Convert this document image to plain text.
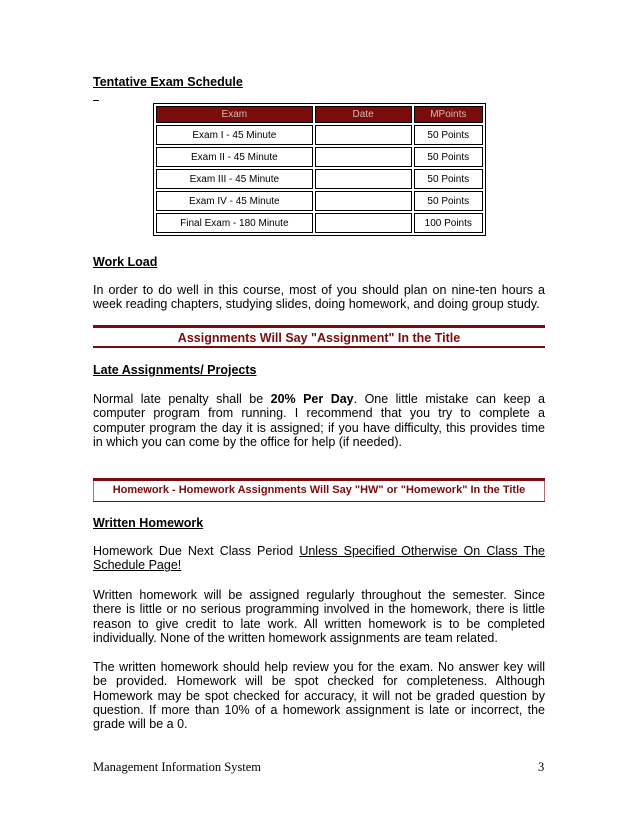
Tentative Exam Schedule
Exam	Date	MPoints
Exam I - 45 Minute		50 Points
Exam II - 45 Minute		50 Points
Exam III - 45 Minute		50 Points
Exam IV - 45 Minute		50 Points
Final Exam - 180 Minute		100 Points
Work Load
In order to do well in this course, most of you should plan on nine-ten hours a week reading chapters, studying slides, doing homework, and doing group study.
Assignments Will Say "Assignment" In the Title
Late Assignments/ Projects
Normal late penalty shall be 20% Per Day. One little mistake can keep a computer program from running. I recommend that you try to complete a computer program the day it is assigned; if you have difficulty, this provides time in which you can come by the office for help (if needed).
Homework - Homework Assignments Will Say "HW" or "Homework" In the Title
Written Homework
Homework Due Next Class Period Unless Specified Otherwise On Class The Schedule Page!
Written homework will be assigned regularly throughout the semester. Since there is little or no serious programming involved in the homework, there is little reason to give credit to late work. All written homework is to be completed individually. None of the written homework assignments are team related.
The written homework should help review you for the exam. No answer key will be provided. Homework will be spot checked for completeness. Although Homework may be spot checked for accuracy, it will not be graded question by question. If more than 10% of a homework assignment is late or incorrect, the grade will be a 0.
Management Information System	3
